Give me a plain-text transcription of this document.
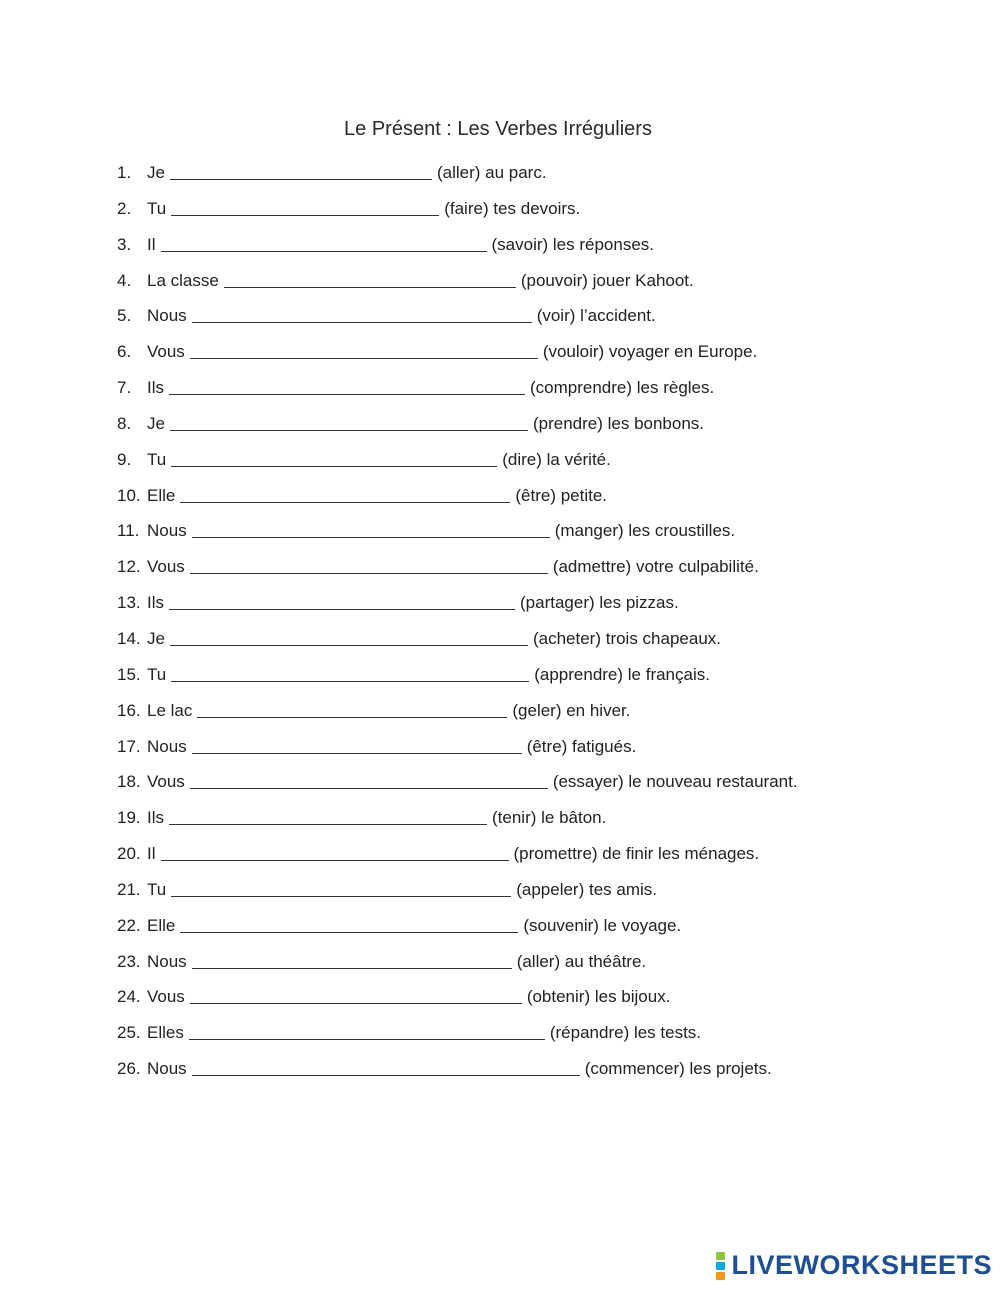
Le Présent : Les Verbes Irréguliers
1. Je	(aller) au parc.
2. Tu	(faire) tes devoirs.
3. Il	(savoir) les réponses.
4. La classe	(pouvoir) jouer Kahoot.
5. Nous	(voir) l’accident.
6. Vous	(vouloir) voyager en Europe.
7. Ils	(comprendre) les règles.
8. Je	(prendre) les bonbons.
9. Tu	(dire) la vérité.
10. Elle	(être) petite.
11. Nous	(manger) les croustilles.
12. Vous	(admettre) votre culpabilité.
13. Ils	(partager) les pizzas.
14. Je	(acheter) trois chapeaux.
15. Tu	(apprendre) le français.
16. Le lac	(geler) en hiver.
17. Nous	(être) fatigués.
18. Vous	(essayer) le nouveau restaurant.
19. Ils	(tenir) le bâton.
20. Il	(promettre) de finir les ménages.
21. Tu	(appeler) tes amis.
22. Elle	(souvenir) le voyage.
23. Nous	(aller) au théâtre.
24. Vous	(obtenir) les bijoux.
25. Elles	(répandre) les tests.
26. Nous	(commencer) les projets.
LIVEWORKSHEETS
